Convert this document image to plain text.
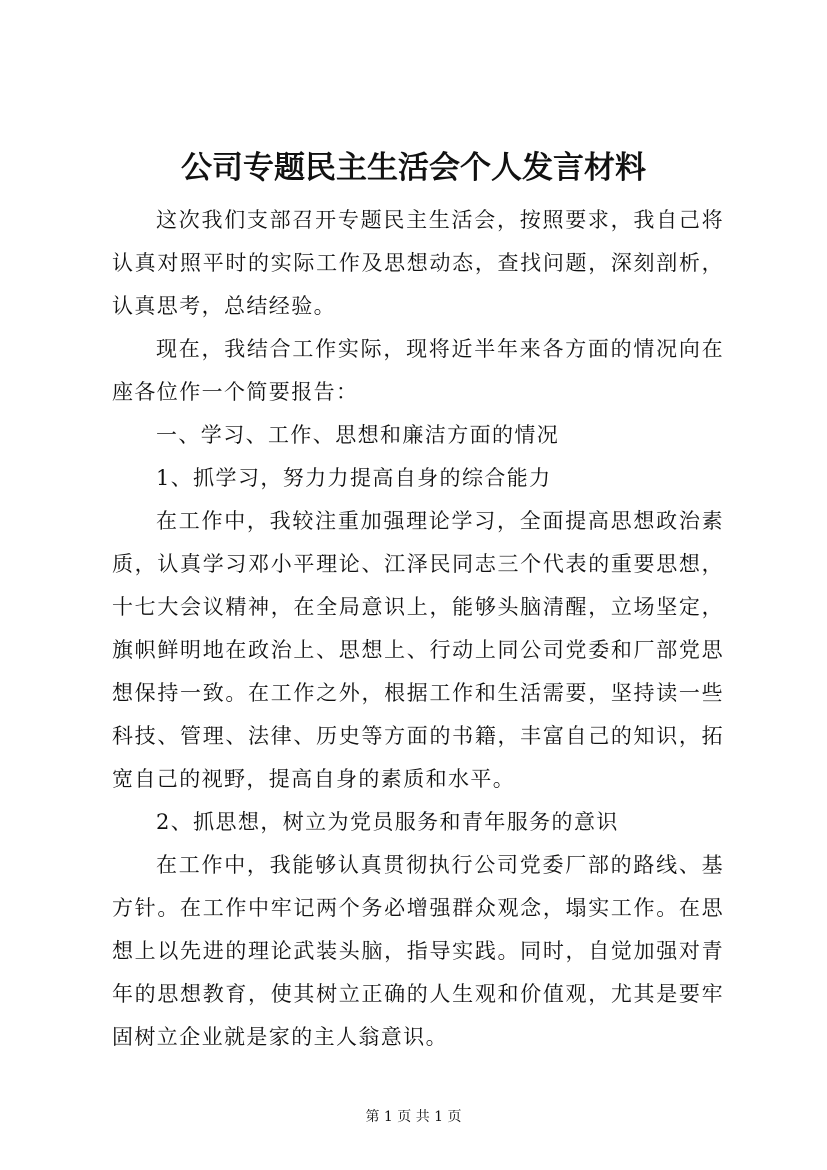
公司专题民主生活会个人发言材料

这次我们支部召开专题民主生活会，按照要求，我自己将认真对照平时的实际工作及思想动态，查找问题，深刻剖析，认真思考，总结经验。

现在，我结合工作实际，现将近半年来各方面的情况向在座各位作一个简要报告：

一、学习、工作、思想和廉洁方面的情况

1、抓学习，努力力提高自身的综合能力

在工作中，我较注重加强理论学习，全面提高思想政治素质，认真学习邓小平理论、江泽民同志三个代表的重要思想，十七大会议精神，在全局意识上，能够头脑清醒，立场坚定，旗帜鲜明地在政治上、思想上、行动上同公司党委和厂部党思想保持一致。在工作之外，根据工作和生活需要，坚持读一些科技、管理、法律、历史等方面的书籍，丰富自己的知识，拓宽自己的视野，提高自身的素质和水平。

2、抓思想，树立为党员服务和青年服务的意识

在工作中，我能够认真贯彻执行公司党委厂部的路线、基方针。在工作中牢记两个务必增强群众观念，塌实工作。在思想上以先进的理论武装头脑，指导实践。同时，自觉加强对青年的思想教育，使其树立正确的人生观和价值观，尤其是要牢固树立企业就是家的主人翁意识。

第 1 页 共 1 页
